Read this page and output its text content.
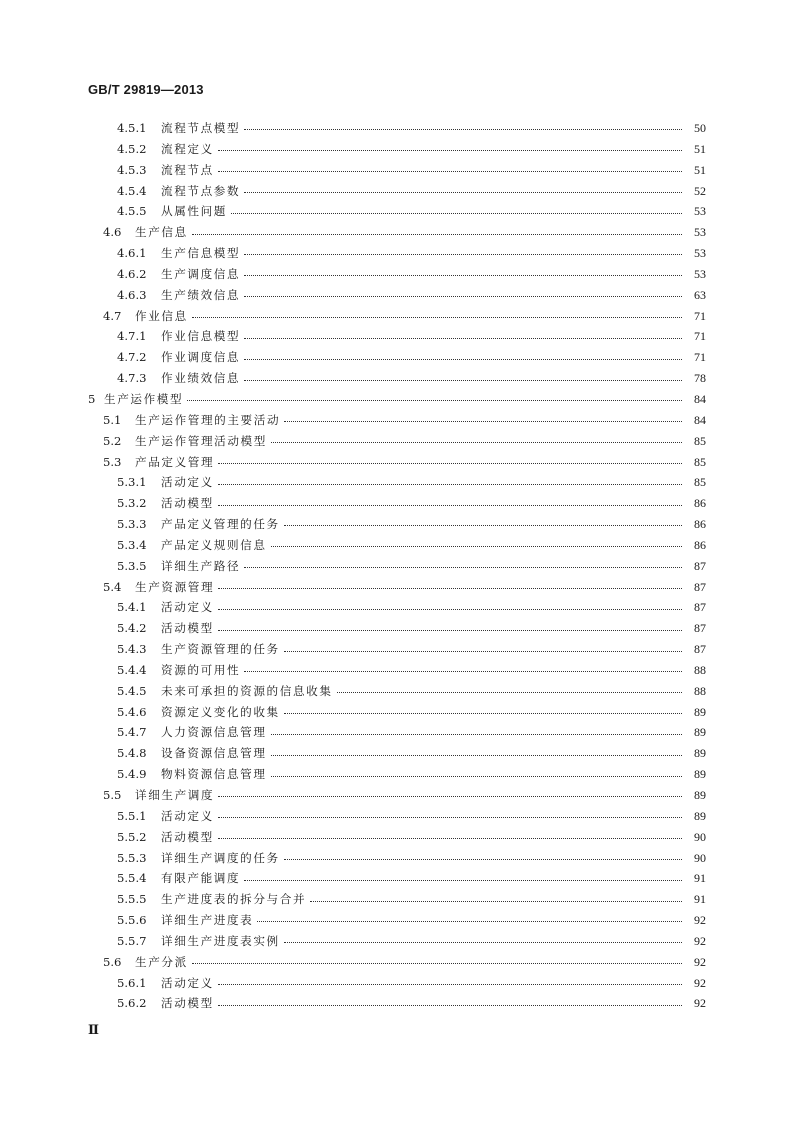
GB/T 29819—2013
4.5.1	流程节点模型	50
4.5.2	流程定义	51
4.5.3	流程节点	51
4.5.4	流程节点参数	52
4.5.5	从属性问题	53
4.6	生产信息	53
4.6.1	生产信息模型	53
4.6.2	生产调度信息	53
4.6.3	生产绩效信息	63
4.7	作业信息	71
4.7.1	作业信息模型	71
4.7.2	作业调度信息	71
4.7.3	作业绩效信息	78
5 生产运作模型	84
5.1	生产运作管理的主要活动	84
5.2	生产运作管理活动模型	85
5.3	产品定义管理	85
5.3.1	活动定义	85
5.3.2	活动模型	86
5.3.3	产品定义管理的任务	86
5.3.4	产品定义规则信息	86
5.3.5	详细生产路径	87
5.4	生产资源管理	87
5.4.1	活动定义	87
5.4.2	活动模型	87
5.4.3	生产资源管理的任务	87
5.4.4	资源的可用性	88
5.4.5	未来可承担的资源的信息收集	88
5.4.6	资源定义变化的收集	89
5.4.7	人力资源信息管理	89
5.4.8	设备资源信息管理	89
5.4.9	物料资源信息管理	89
5.5	详细生产调度	89
5.5.1	活动定义	89
5.5.2	活动模型	90
5.5.3	详细生产调度的任务	90
5.5.4	有限产能调度	91
5.5.5	生产进度表的拆分与合并	91
5.5.6	详细生产进度表	92
5.5.7	详细生产进度表实例	92
5.6	生产分派	92
5.6.1	活动定义	92
5.6.2	活动模型	92
Ⅱ
